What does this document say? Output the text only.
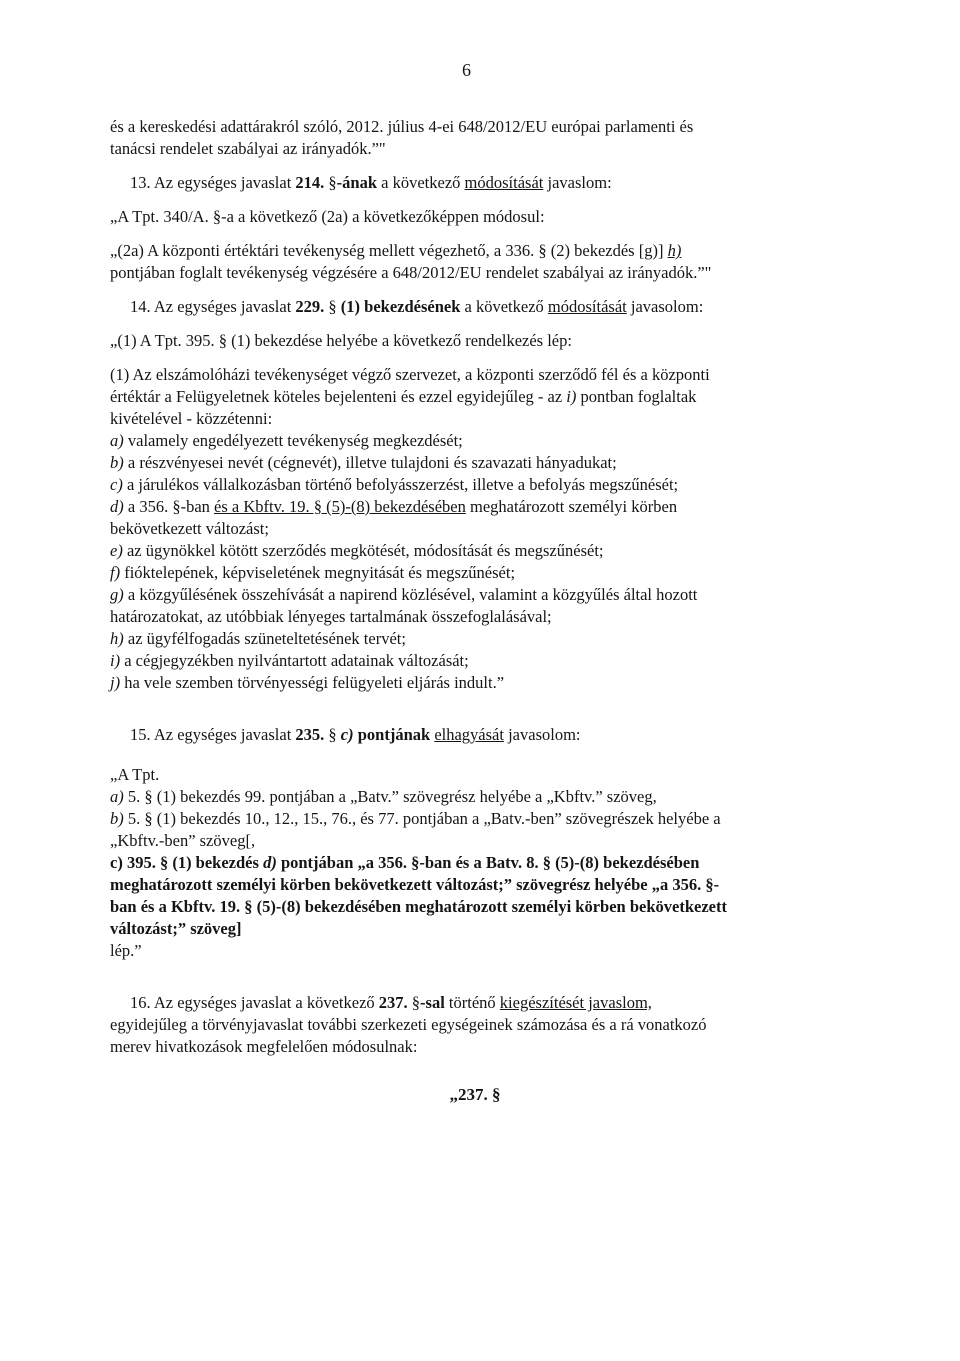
6

és a kereskedési adattárakról szóló, 2012. július 4-ei 648/2012/EU európai parlamenti és
tanácsi rendelet szabályai az irányadók.”"

13. Az egységes javaslat 214. §-ának a következő módosítását javaslom:

„A Tpt. 340/A. §-a a következő (2a) a következőképpen módosul:

„(2a) A központi értéktári tevékenység mellett végezhető, a 336. § (2) bekezdés [g)] h)
pontjában foglalt tevékenység végzésére a 648/2012/EU rendelet szabályai az irányadók.”"

14. Az egységes javaslat 229. § (1) bekezdésének a következő módosítását javasolom:

„(1) A Tpt. 395. § (1) bekezdése helyébe a következő rendelkezés lép:

(1) Az elszámolóházi tevékenységet végző szervezet, a központi szerződő fél és a központi
értéktár a Felügyeletnek köteles bejelenteni és ezzel egyidejűleg - az i) pontban foglaltak
kivételével - közzétenni:

a) valamely engedélyezett tevékenység megkezdését;

b) a részvényesei nevét (cégnevét), illetve tulajdoni és szavazati hányadukat;

c) a járulékos vállalkozásban történő befolyásszerzést, illetve a befolyás megszűnését;

d) a 356. §-ban és a Kbftv. 19. § (5)-(8) bekezdésében meghatározott személyi körben
bekövetkezett változást;

e) az ügynökkel kötött szerződés megkötését, módosítását és megszűnését;

f) fióktelepének, képviseletének megnyitását és megszűnését;

g) a közgyűlésének összehívását a napirend közlésével, valamint a közgyűlés által hozott
határozatokat, az utóbbiak lényeges tartalmának összefoglalásával;

h) az ügyfélfogadás szüneteltetésének tervét;

i) a cégjegyzékben nyilvántartott adatainak változását;

j) ha vele szemben törvényességi felügyeleti eljárás indult.”

15. Az egységes javaslat 235. § c) pontjának elhagyását javasolom:

„A Tpt.

a) 5. § (1) bekezdés 99. pontjában a „Batv.” szövegrész helyébe a „Kbftv.” szöveg,

b) 5. § (1) bekezdés 10., 12., 15., 76., és 77. pontjában a „Batv.-ben” szövegrészek helyébe a
„Kbftv.-ben” szöveg[,

c) 395. § (1) bekezdés d) pontjában „a 356. §-ban és a Batv. 8. § (5)-(8) bekezdésében
meghatározott személyi körben bekövetkezett változást;” szövegrész helyébe „a 356. §-
ban és a Kbftv. 19. § (5)-(8) bekezdésében meghatározott személyi körben bekövetkezett
változást;” szöveg]

lép.”

16. Az egységes javaslat a következő 237. §-sal történő kiegészítését javaslom,

egyidejűleg a törvényjavaslat további szerkezeti egységeinek számozása és a rá vonatkozó
merev hivatkozások megfelelően módosulnak:

„237. §
